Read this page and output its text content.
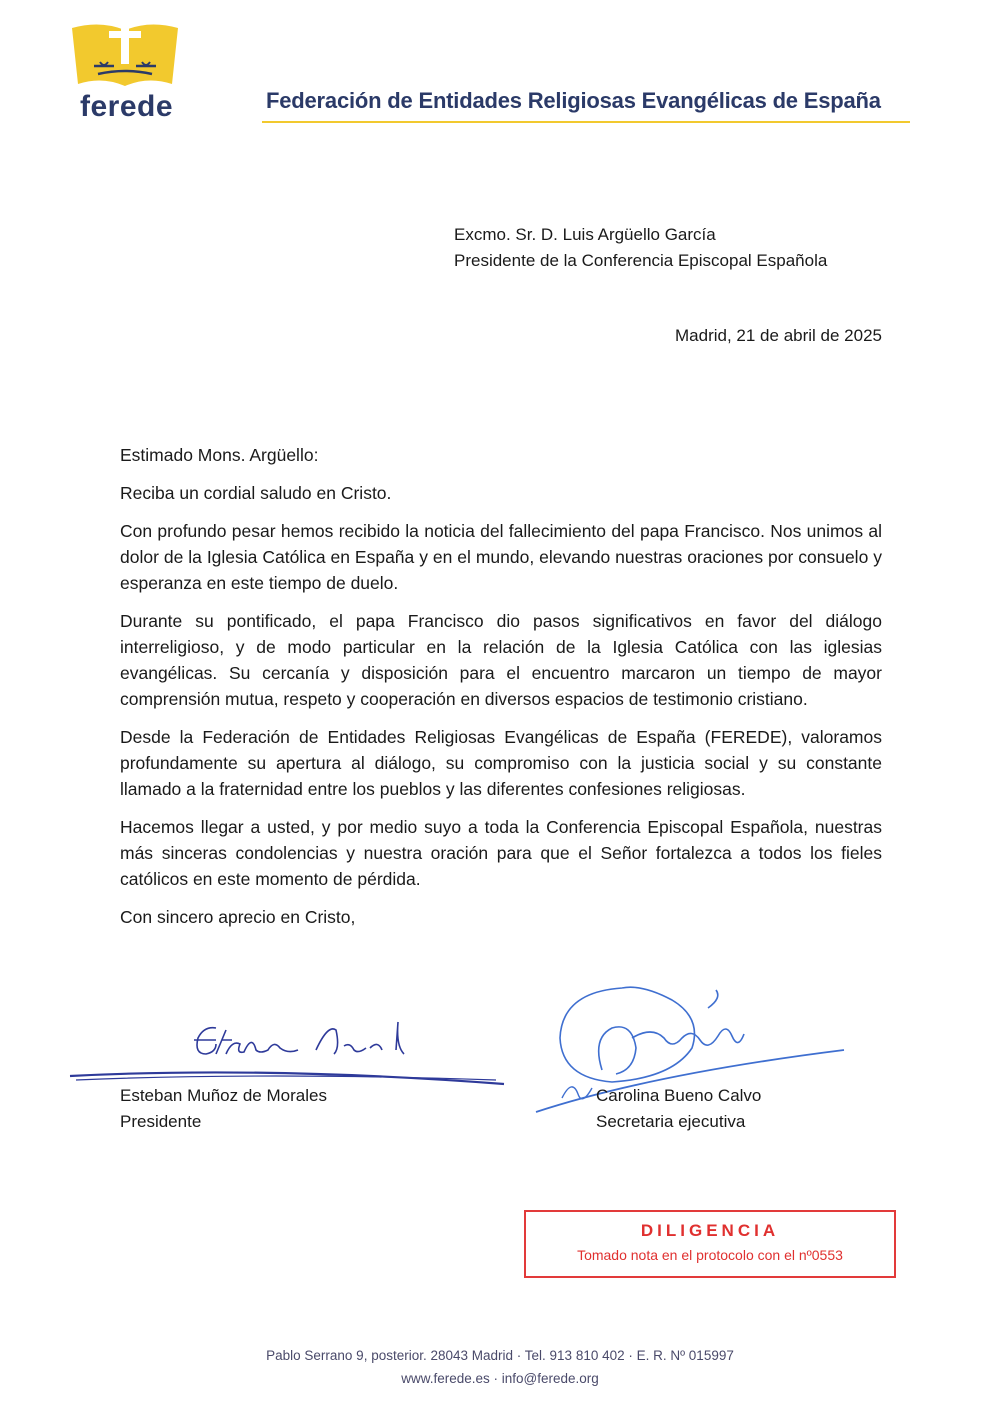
ferede	Federación de Entidades Religiosas Evangélicas de España
Excmo. Sr. D. Luis Argüello García
Presidente de la Conferencia Episcopal Española
Madrid, 21 de abril de 2025

Estimado Mons. Argüello:

Reciba un cordial saludo en Cristo.

Con profundo pesar hemos recibido la noticia del fallecimiento del papa Francisco. Nos unimos al dolor de la Iglesia Católica en España y en el mundo, elevando nuestras oraciones por consuelo y esperanza en este tiempo de duelo.

Durante su pontificado, el papa Francisco dio pasos significativos en favor del diálogo interreligioso, y de modo particular en la relación de la Iglesia Católica con las iglesias evangélicas. Su cercanía y disposición para el encuentro marcaron un tiempo de mayor comprensión mutua, respeto y cooperación en diversos espacios de testimonio cristiano.

Desde la Federación de Entidades Religiosas Evangélicas de España (FEREDE), valoramos profundamente su apertura al diálogo, su compromiso con la justicia social y su constante llamado a la fraternidad entre los pueblos y las diferentes confesiones religiosas.

Hacemos llegar a usted, y por medio suyo a toda la Conferencia Episcopal Española, nuestras más sinceras condolencias y nuestra oración para que el Señor fortalezca a todos los fieles católicos en este momento de pérdida.

Con sincero aprecio en Cristo,

Esteban Muñoz de Morales
Presidente
Carolina Bueno Calvo
Secretaria ejecutiva
DILIGENCIA
Tomado nota en el protocolo con el nº0553
Pablo Serrano 9, posterior. 28043 Madrid · Tel. 913 810 402 · E. R. Nº 015997
www.ferede.es · info@ferede.org
